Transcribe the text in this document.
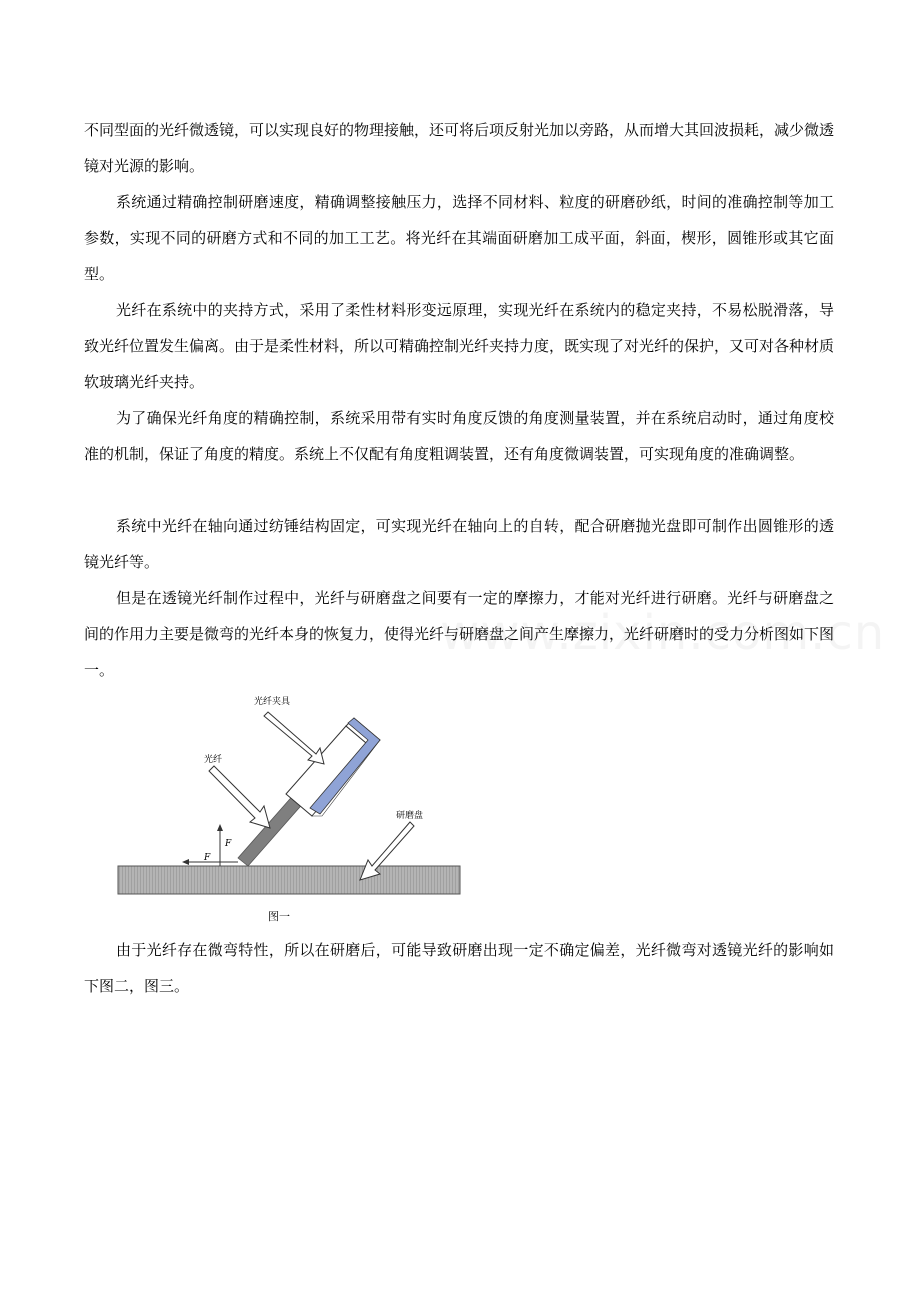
不同型面的光纤微透镜，可以实现良好的物理接触，还可将后项反射光加以旁路，从而增大其回波损耗，减少微透镜对光源的影响。

系统通过精确控制研磨速度，精确调整接触压力，选择不同材料、粒度的研磨砂纸，时间的准确控制等加工参数，实现不同的研磨方式和不同的加工工艺。将光纤在其端面研磨加工成平面，斜面，楔形，圆锥形或其它面型。

光纤在系统中的夹持方式，采用了柔性材料形变远原理，实现光纤在系统内的稳定夹持，不易松脱滑落，导致光纤位置发生偏离。由于是柔性材料，所以可精确控制光纤夹持力度，既实现了对光纤的保护，又可对各种材质软玻璃光纤夹持。

为了确保光纤角度的精确控制，系统采用带有实时角度反馈的角度测量装置，并在系统启动时，通过角度校准的机制，保证了角度的精度。系统上不仅配有角度粗调装置，还有角度微调装置，可实现角度的准确调整。

系统中光纤在轴向通过纺锤结构固定，可实现光纤在轴向上的自转，配合研磨抛光盘即可制作出圆锥形的透镜光纤等。

但是在透镜光纤制作过程中，光纤与研磨盘之间要有一定的摩擦力，才能对光纤进行研磨。光纤与研磨盘之间的作用力主要是微弯的光纤本身的恢复力，使得光纤与研磨盘之间产生摩擦力，光纤研磨时的受力分析图如下图一。

光纤夹具
光纤
研磨盘
F
F
图一

由于光纤存在微弯特性，所以在研磨后，可能导致研磨出现一定不确定偏差，光纤微弯对透镜光纤的影响如下图二，图三。
